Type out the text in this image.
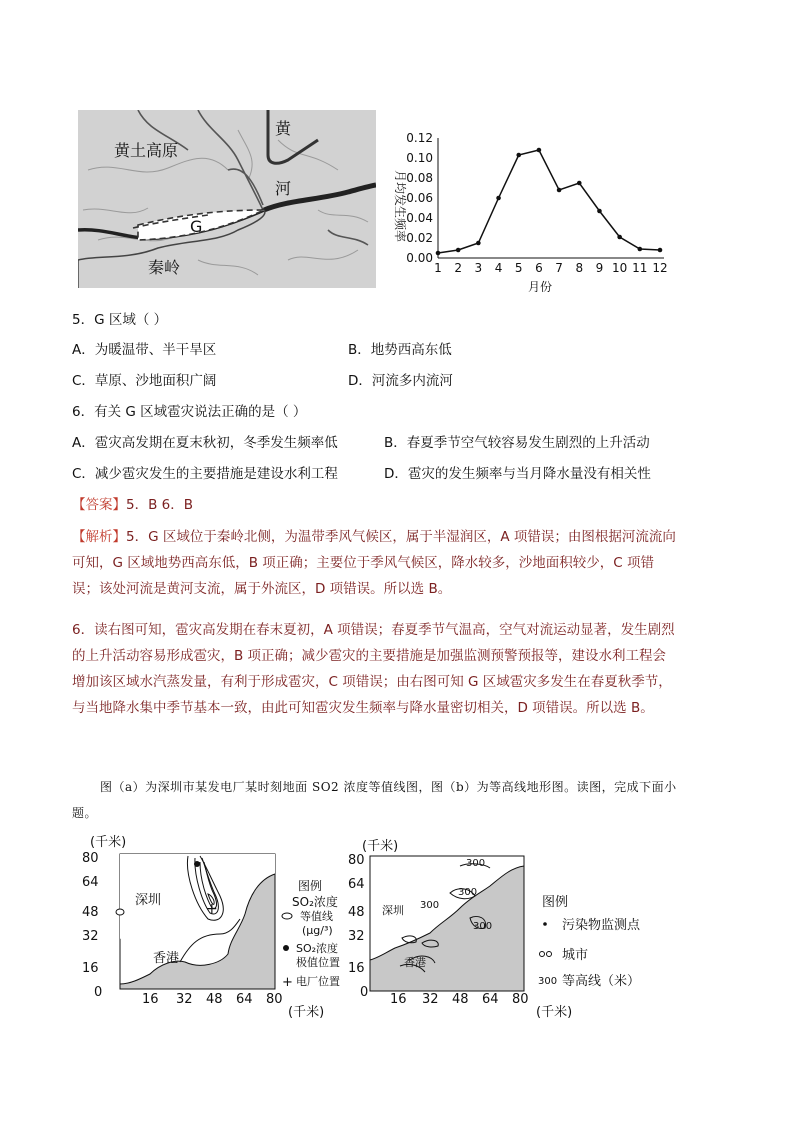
黄土高原
黄
河
G
秦岭
月均发生频率
0.00
0.02
0.04
0.06
0.08
0.10
0.12
1 2 3 4 5 6 7 8 9 10 11 12
月份
5．G 区域（ ）
A．为暖温带、半干旱区	B．地势西高东低
C．草原、沙地面积广阔	D．河流多内流河
6．有关 G 区域雹灾说法正确的是（ ）
A．雹灾高发期在夏末秋初，冬季发生频率低	B．春夏季节空气较容易发生剧烈的上升活动
C．减少雹灾发生的主要措施是建设水利工程	D．雹灾的发生频率与当月降水量没有相关性
【答案】5．B 6．B
【解析】5．G 区域位于秦岭北侧，为温带季风气候区，属于半湿润区，A 项错误；由图根据河流流向可知，G 区域地势西高东低，B 项正确；主要位于季风气候区，降水较多，沙地面积较少，C 项错误；该处河流是黄河支流，属于外流区，D 项错误。所以选 B。
6．读右图可知，雹灾高发期在春末夏初，A 项错误；春夏季节气温高，空气对流运动显著，发生剧烈的上升活动容易形成雹灾，B 项正确；减少雹灾的主要措施是加强监测预警预报等，建设水利工程会增加该区域水汽蒸发量，有利于形成雹灾，C 项错误；由右图可知 G 区域雹灾多发生在春夏秋季节，与当地降水集中季节基本一致，由此可知雹灾发生频率与降水量密切相关，D 项错误。所以选 B。
图（a）为深圳市某发电厂某时刻地面 SO2 浓度等值线图，图（b）为等高线地形图。读图，完成下面小题。
(千米)
80
64
48
32
16
0	16 32 48 64 80
(千米)
+
深圳
香港
图例
SO₂浓度
等值线
(μg/³)
SO₂浓度
极值位置
+ 电厂位置
(千米)
80
64
48
32
16
0 16 32 48 64 80
(千米)
300
300
300
300
深圳
香港
图例
污染物监测点
城市
300 等高线（米）
